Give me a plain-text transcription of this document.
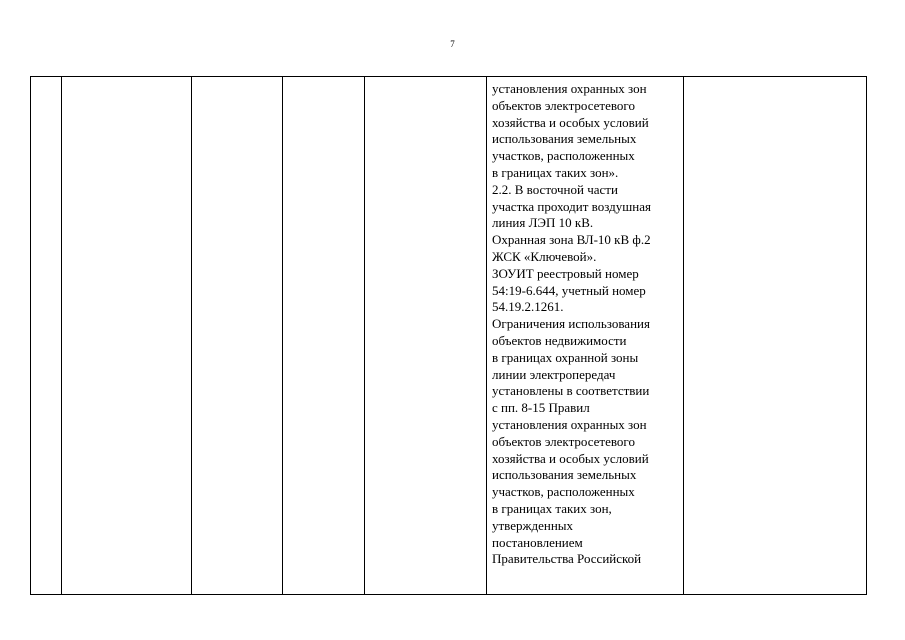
7

установления охранных зон
объектов электросетевого
хозяйства и особых условий
использования земельных
участков, расположенных
в границах таких зон».
2.2. В восточной части
участка проходит воздушная
линия ЛЭП 10 кВ.
Охранная зона ВЛ-10 кВ ф.2
ЖСК «Ключевой».
ЗОУИТ реестровый номер
54:19-6.644, учетный номер
54.19.2.1261.
Ограничения использования
объектов недвижимости
в границах охранной зоны
линии электропередач
установлены в соответствии
с пп. 8-15 Правил
установления охранных зон
объектов электросетевого
хозяйства и особых условий
использования земельных
участков, расположенных
в границах таких зон,
утвержденных
постановлением
Правительства Российской
